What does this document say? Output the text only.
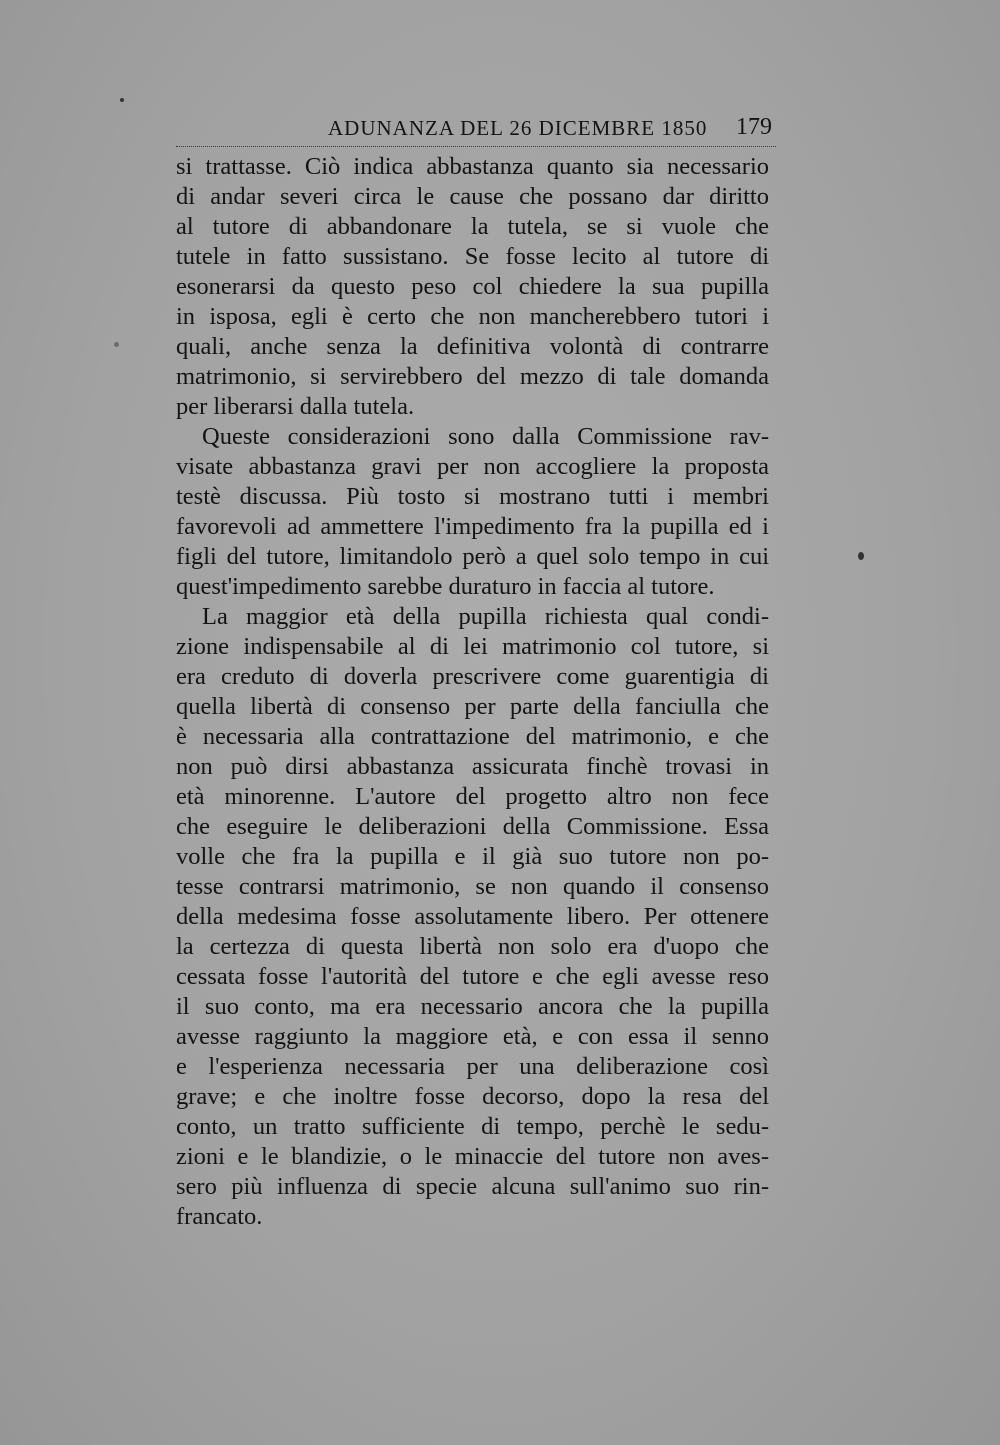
ADUNANZA DEL 26 DICEMBRE 1850 179
si trattasse. Ciò indica abbastanza quanto sia necessario
di andar severi circa le cause che possano dar diritto
al tutore di abbandonare la tutela, se si vuole che
tutele in fatto sussistano. Se fosse lecito al tutore di
esonerarsi da questo peso col chiedere la sua pupilla
in isposa, egli è certo che non mancherebbero tutori i
quali, anche senza la definitiva volontà di contrarre
matrimonio, si servirebbero del mezzo di tale domanda
per liberarsi dalla tutela.
Queste considerazioni sono dalla Commissione rav-
visate abbastanza gravi per non accogliere la proposta
testè discussa. Più tosto si mostrano tutti i membri
favorevoli ad ammettere l'impedimento fra la pupilla ed i
figli del tutore, limitandolo però a quel solo tempo in cui
quest'impedimento sarebbe duraturo in faccia al tutore.
La maggior età della pupilla richiesta qual condi-
zione indispensabile al di lei matrimonio col tutore, si
era creduto di doverla prescrivere come guarentigia di
quella libertà di consenso per parte della fanciulla che
è necessaria alla contrattazione del matrimonio, e che
non può dirsi abbastanza assicurata finchè trovasi in
età minorenne. L'autore del progetto altro non fece
che eseguire le deliberazioni della Commissione. Essa
volle che fra la pupilla e il già suo tutore non po-
tesse contrarsi matrimonio, se non quando il consenso
della medesima fosse assolutamente libero. Per ottenere
la certezza di questa libertà non solo era d'uopo che
cessata fosse l'autorità del tutore e che egli avesse reso
il suo conto, ma era necessario ancora che la pupilla
avesse raggiunto la maggiore età, e con essa il senno
e l'esperienza necessaria per una deliberazione così
grave; e che inoltre fosse decorso, dopo la resa del
conto, un tratto sufficiente di tempo, perchè le sedu-
zioni e le blandizie, o le minaccie del tutore non aves-
sero più influenza di specie alcuna sull'animo suo rin-
francato.
